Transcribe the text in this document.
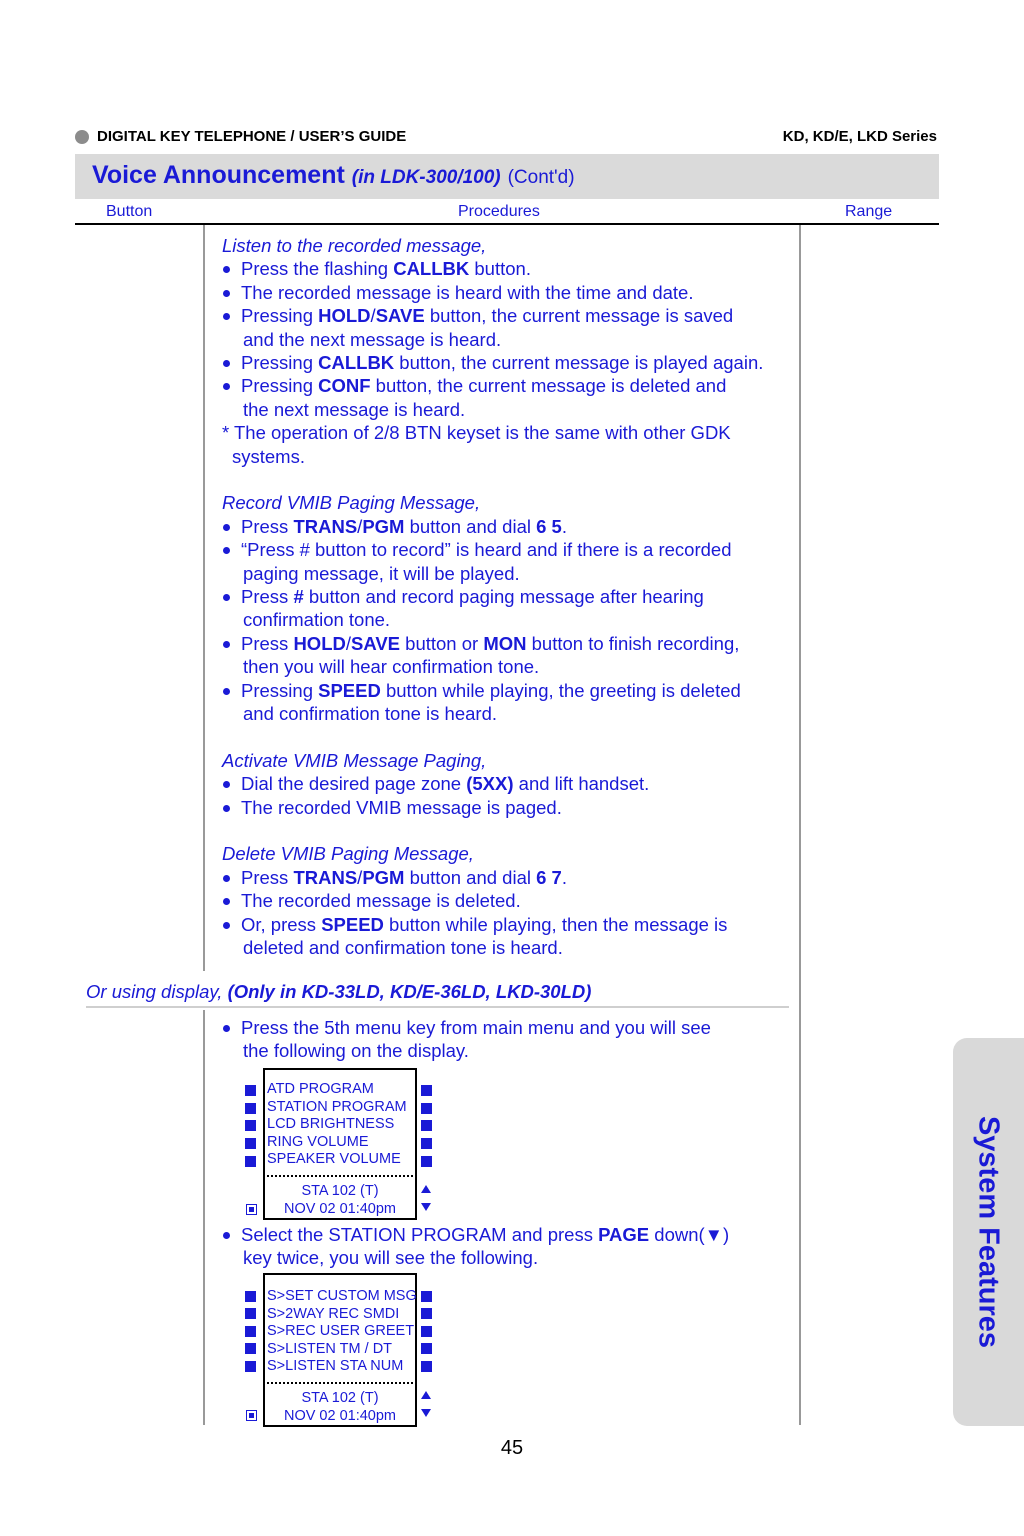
DIGITAL KEY TELEPHONE / USER’S GUIDE	KD, KD/E, LKD Series
Voice Announcement (in LDK-300/100) (Cont'd)
Button	Procedures	Range
Listen to the recorded message,
Press the flashing CALLBK button.
The recorded message is heard with the time and date.
Pressing HOLD/SAVE button, the current message is saved
and the next message is heard.
Pressing CALLBK button, the current message is played again.
Pressing CONF button, the current message is deleted and
the next message is heard.
* The operation of 2/8 BTN keyset is the same with other GDK
systems.
Record VMIB Paging Message,
Press TRANS/PGM button and dial 6 5.
“Press # button to record” is heard and if there is a recorded
paging message, it will be played.
Press # button and record paging message after hearing
confirmation tone.
Press HOLD/SAVE button or MON button to finish recording,
then you will hear confirmation tone.
Pressing SPEED button while playing, the greeting is deleted
and confirmation tone is heard.
Activate VMIB Message Paging,
Dial the desired page zone (5XX) and lift handset.
The recorded VMIB message is paged.
Delete VMIB Paging Message,
Press TRANS/PGM button and dial 6 7.
The recorded message is deleted.
Or, press SPEED button while playing, then the message is
deleted and confirmation tone is heard.
Or using display, (Only in KD-33LD, KD/E-36LD, LKD-30LD)
Press the 5th menu key from main menu and you will see
the following on the display.
Select the STATION PROGRAM and press PAGE down(▼)
key twice, you will see the following.
ATD PROGRAM
STATION PROGRAM
LCD BRIGHTNESS
RING VOLUME
SPEAKER VOLUME
STA 102 (T)
NOV 02 01:40pm
S>SET CUSTOM MSG
S>2WAY REC SMDI
S>REC USER GREET
S>LISTEN TM / DT
S>LISTEN STA NUM
STA 102 (T)
NOV 02 01:40pm
System Features
45
